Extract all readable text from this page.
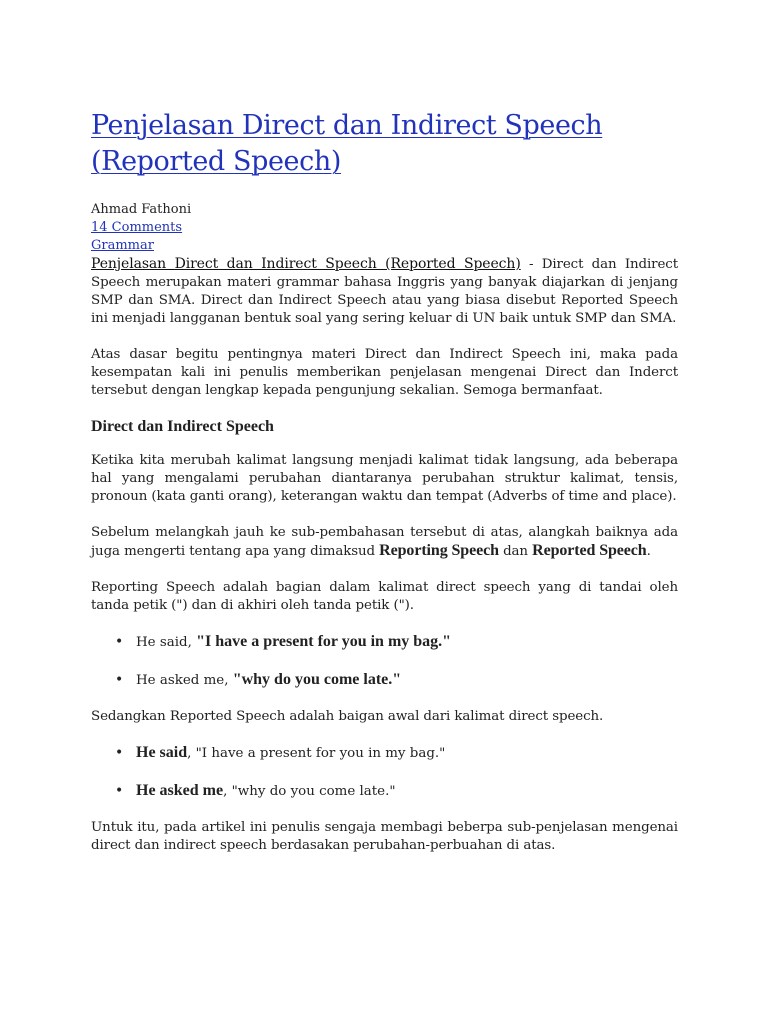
Penjelasan Direct dan Indirect Speech
(Reported Speech)
Ahmad Fathoni
14 Comments
Grammar

Penjelasan Direct dan Indirect Speech (Reported Speech) - Direct dan Indirect Speech merupakan materi grammar bahasa Inggris yang banyak diajarkan di jenjang SMP dan SMA. Direct dan Indirect Speech atau yang biasa disebut Reported Speech ini menjadi langganan bentuk soal yang sering keluar di UN baik untuk SMP dan SMA.

Atas dasar begitu pentingnya materi Direct dan Indirect Speech ini, maka pada kesempatan kali ini penulis memberikan penjelasan mengenai Direct dan Inderct tersebut dengan lengkap kepada pengunjung sekalian. Semoga bermanfaat.

Direct dan Indirect Speech

Ketika kita merubah kalimat langsung menjadi kalimat tidak langsung, ada beberapa hal yang mengalami perubahan diantaranya perubahan struktur kalimat, tensis, pronoun (kata ganti orang), keterangan waktu dan tempat (Adverbs of time and place).

Sebelum melangkah jauh ke sub-pembahasan tersebut di atas, alangkah baiknya ada juga mengerti tentang apa yang dimaksud Reporting Speech dan Reported Speech.

Reporting Speech adalah bagian dalam kalimat direct speech yang di tandai oleh tanda petik (") dan di akhiri oleh tanda petik (").

• He said, "I have a present for you in my bag."
• He asked me, "why do you come late."

Sedangkan Reported Speech adalah baigan awal dari kalimat direct speech.

• He said, "I have a present for you in my bag."
• He asked me, "why do you come late."

Untuk itu, pada artikel ini penulis sengaja membagi beberpa sub-penjelasan mengenai direct dan indirect speech berdasakan perubahan-perbuahan di atas.
